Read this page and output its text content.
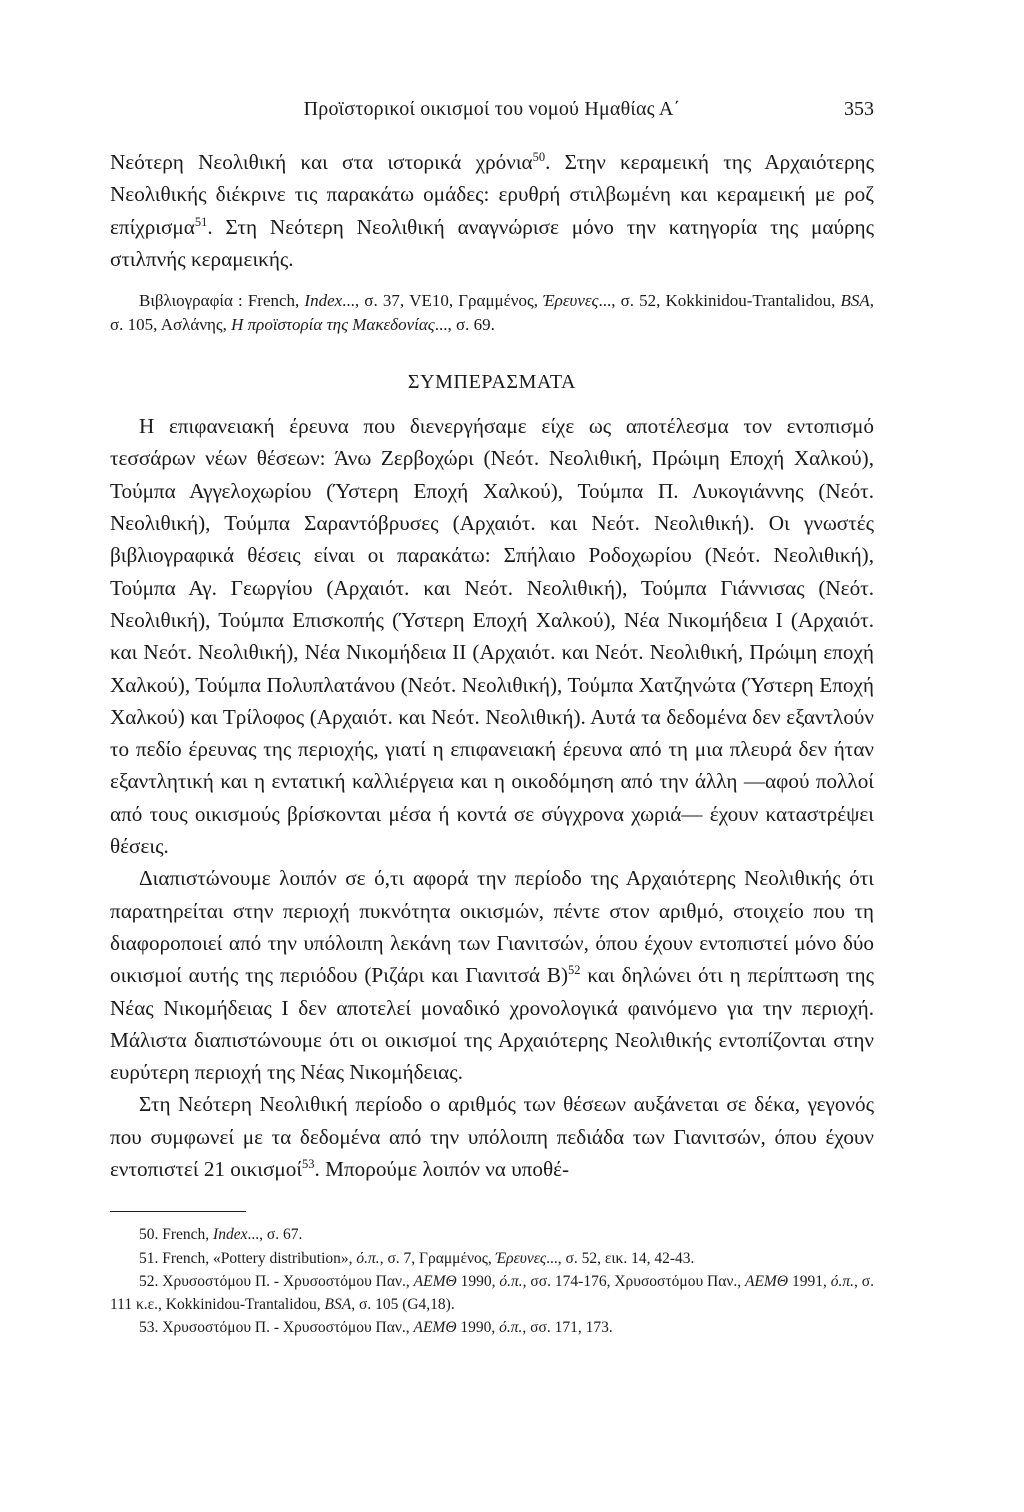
Προϊστορικοί οικισμοί του νομού Ημαθίας Α΄	353

Νεότερη Νεολιθική και στα ιστορικά χρόνια$^{50}$. Στην κεραμεική της Αρχαιότερης Νεολιθικής διέκρινε τις παρακάτω ομάδες: ερυθρή στιλβωμένη και κεραμεική με ροζ επίχρισμα$^{51}$. Στη Νεότερη Νεολιθική αναγνώρισε μόνο την κατηγορία της μαύρης στιλπνής κεραμεικής.

Βιβλιογραφία : French, Index..., σ. 37, VE10, Γραμμένος, Έρευνες..., σ. 52, Kokkinidou-Trantalidou, BSA, σ. 105, Ασλάνης, Η προϊστορία της Μακεδονίας..., σ. 69.
ΣΥΜΠΕΡΑΣΜΑΤΑ

Η επιφανειακή έρευνα που διενεργήσαμε είχε ως αποτέλεσμα τον εντοπισμό τεσσάρων νέων θέσεων: Άνω Ζερβοχώρι (Νεότ. Νεολιθική, Πρώιμη Εποχή Χαλκού), Τούμπα Αγγελοχωρίου (Ύστερη Εποχή Χαλκού), Τούμπα Π. Λυκογιάννης (Νεότ. Νεολιθική), Τούμπα Σαραντόβρυσες (Αρχαιότ. και Νεότ. Νεολιθική). Οι γνωστές βιβλιογραφικά θέσεις είναι οι παρακάτω: Σπήλαιο Ροδοχωρίου (Νεότ. Νεολιθική), Τούμπα Αγ. Γεωργίου (Αρχαιότ. και Νεότ. Νεολιθική), Τούμπα Γιάννισας (Νεότ. Νεολιθική), Τούμπα Επισκοπής (Ύστερη Εποχή Χαλκού), Νέα Νικομήδεια Ι (Αρχαιότ. και Νεότ. Νεολιθική), Νέα Νικομήδεια ΙΙ (Αρχαιότ. και Νεότ. Νεολιθική, Πρώιμη εποχή Χαλκού), Τούμπα Πολυπλατάνου (Νεότ. Νεολιθική), Τούμπα Χατζηνώτα (Ύστερη Εποχή Χαλκού) και Τρίλοφος (Αρχαιότ. και Νεότ. Νεολιθική). Αυτά τα δεδομένα δεν εξαντλούν το πεδίο έρευνας της περιοχής, γιατί η επιφανειακή έρευνα από τη μια πλευρά δεν ήταν εξαντλητική και η εντατική καλλιέργεια και η οικοδόμηση από την άλλη —αφού πολλοί από τους οικισμούς βρίσκονται μέσα ή κοντά σε σύγχρονα χωριά— έχουν καταστρέψει θέσεις.

Διαπιστώνουμε λοιπόν σε ό,τι αφορά την περίοδο της Αρχαιότερης Νεολιθικής ότι παρατηρείται στην περιοχή πυκνότητα οικισμών, πέντε στον αριθμό, στοιχείο που τη διαφοροποιεί από την υπόλοιπη λεκάνη των Γιανιτσών, όπου έχουν εντοπιστεί μόνο δύο οικισμοί αυτής της περιόδου (Ριζάρι και Γιανιτσά Β)$^{52}$ και δηλώνει ότι η περίπτωση της Νέας Νικομήδειας Ι δεν αποτελεί μοναδικό χρονολογικά φαινόμενο για την περιοχή. Μάλιστα διαπιστώνουμε ότι οι οικισμοί της Αρχαιότερης Νεολιθικής εντοπίζονται στην ευρύτερη περιοχή της Νέας Νικομήδειας.

Στη Νεότερη Νεολιθική περίοδο ο αριθμός των θέσεων αυξάνεται σε δέκα, γεγονός που συμφωνεί με τα δεδομένα από την υπόλοιπη πεδιάδα των Γιανιτσών, όπου έχουν εντοπιστεί 21 οικισμοί$^{53}$. Μπορούμε λοιπόν να υποθέ-

50. French, Index..., σ. 67.
51. French, «Pottery distribution», ό.π., σ. 7, Γραμμένος, Έρευνες..., σ. 52, εικ. 14, 42-43.
52. Χρυσοστόμου Π. - Χρυσοστόμου Παν., ΑΕΜΘ 1990, ό.π., σσ. 174-176, Χρυσοστόμου Παν., ΑΕΜΘ 1991, ό.π., σ. 111 κ.ε., Kokkinidou-Trantalidou, BSA, σ. 105 (G4,18).
53. Χρυσοστόμου Π. - Χρυσοστόμου Παν., ΑΕΜΘ 1990, ό.π., σσ. 171, 173.
